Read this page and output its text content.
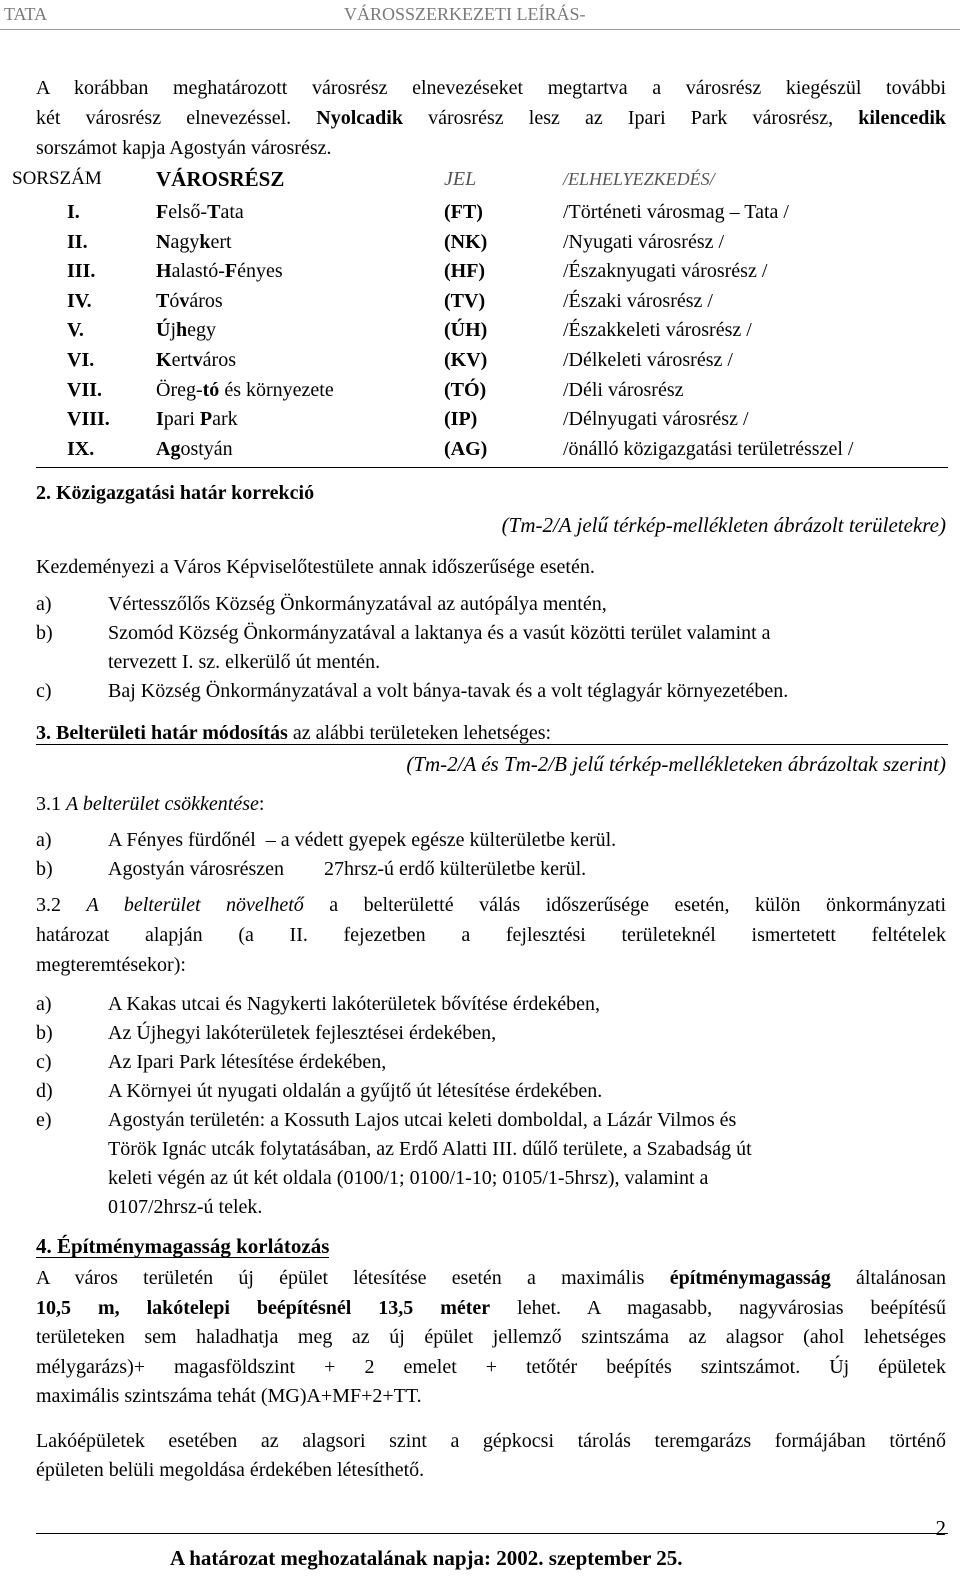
TATA	VÁROSSZERKEZETI LEÍRÁS-
A korábban meghatározott városrész elnevezéseket megtartva a városrész kiegészül további
két városrész elnevezéssel. Nyolcadik városrész lesz az Ipari Park városrész, kilencedik
sorszámot kapja Agostyán városrész.
SORSZÁM	VÁROSRÉSZ	JEL	/ELHELYEZKEDÉS/
I.	Felső-Tata	(FT)	/Történeti városmag – Tata /
II.	Nagykert	(NK)	/Nyugati városrész /
III.	Halastó-Fényes	(HF)	/Északnyugati városrész /
IV.	Tóváros	(TV)	/Északi városrész /
V.	Újhegy	(ÚH)	/Északkeleti városrész /
VI.	Kertváros	(KV)	/Délkeleti városrész /
VII.	Öreg-tó és környezete	(TÓ)	/Déli városrész
VIII. Ipari Park	(IP)	/Délnyugati városrész /
IX.	Agostyán	(AG)	/önálló közigazgatási területrésszel /
2. Közigazgatási határ korrekció
(Tm-2/A jelű térkép-mellékleten ábrázolt területekre)
Kezdeményezi a Város Képviselőtestülete annak időszerűsége esetén.
a)	Vértesszőlős Község Önkormányzatával az autópálya mentén,
b)	Szomód Község Önkormányzatával a laktanya és a vasút közötti terület valamint a
tervezett I. sz. elkerülő út mentén.
c)	Baj Község Önkormányzatával a volt bánya-tavak és a volt téglagyár környezetében.
3. Belterületi határ módosítás az alábbi területeken lehetséges:
(Tm-2/A és Tm-2/B jelű térkép-mellékleteken ábrázoltak szerint)
3.1 A belterület csökkentése:
a)	A Fényes fürdőnél  – a védett gyepek egésze külterületbe kerül.
b)	Agostyán városrészen        27hrsz-ú erdő külterületbe kerül.
3.2 A belterület növelhető a belterületté válás időszerűsége esetén, külön önkormányzati
határozat alapján (a II. fejezetben a fejlesztési területeknél ismertetett feltételek
megteremtésekor):
a)	A Kakas utcai és Nagykerti lakóterületek bővítése érdekében,
b)	Az Újhegyi lakóterületek fejlesztései érdekében,
c)	Az Ipari Park létesítése érdekében,
d)	A Környei út nyugati oldalán a gyűjtő út létesítése érdekében.
e)	Agostyán területén: a Kossuth Lajos utcai keleti domboldal, a Lázár Vilmos és
Török Ignác utcák folytatásában, az Erdő Alatti III. dűlő területe, a Szabadság út
keleti végén az út két oldala (0100/1; 0100/1-10; 0105/1-5hrsz), valamint a
0107/2hrsz-ú telek.
4. Építménymagasság korlátozás
A város területén új épület létesítése esetén a maximális építménymagasság általánosan
10,5 m, lakótelepi beépítésnél 13,5 méter lehet. A magasabb, nagyvárosias beépítésű
területeken sem haladhatja meg az új épület jellemző szintszáma az alagsor (ahol lehetséges
mélygarázs)+ magasföldszint + 2 emelet + tetőtér beépítés szintszámot. Új épületek
maximális szintszáma tehát (MG)A+MF+2+TT.
Lakóépületek esetében az alagsori szint a gépkocsi tárolás teremgarázs formájában történő
épületen belüli megoldása érdekében létesíthető.
2
A határozat meghozatalának napja: 2002. szeptember 25.
